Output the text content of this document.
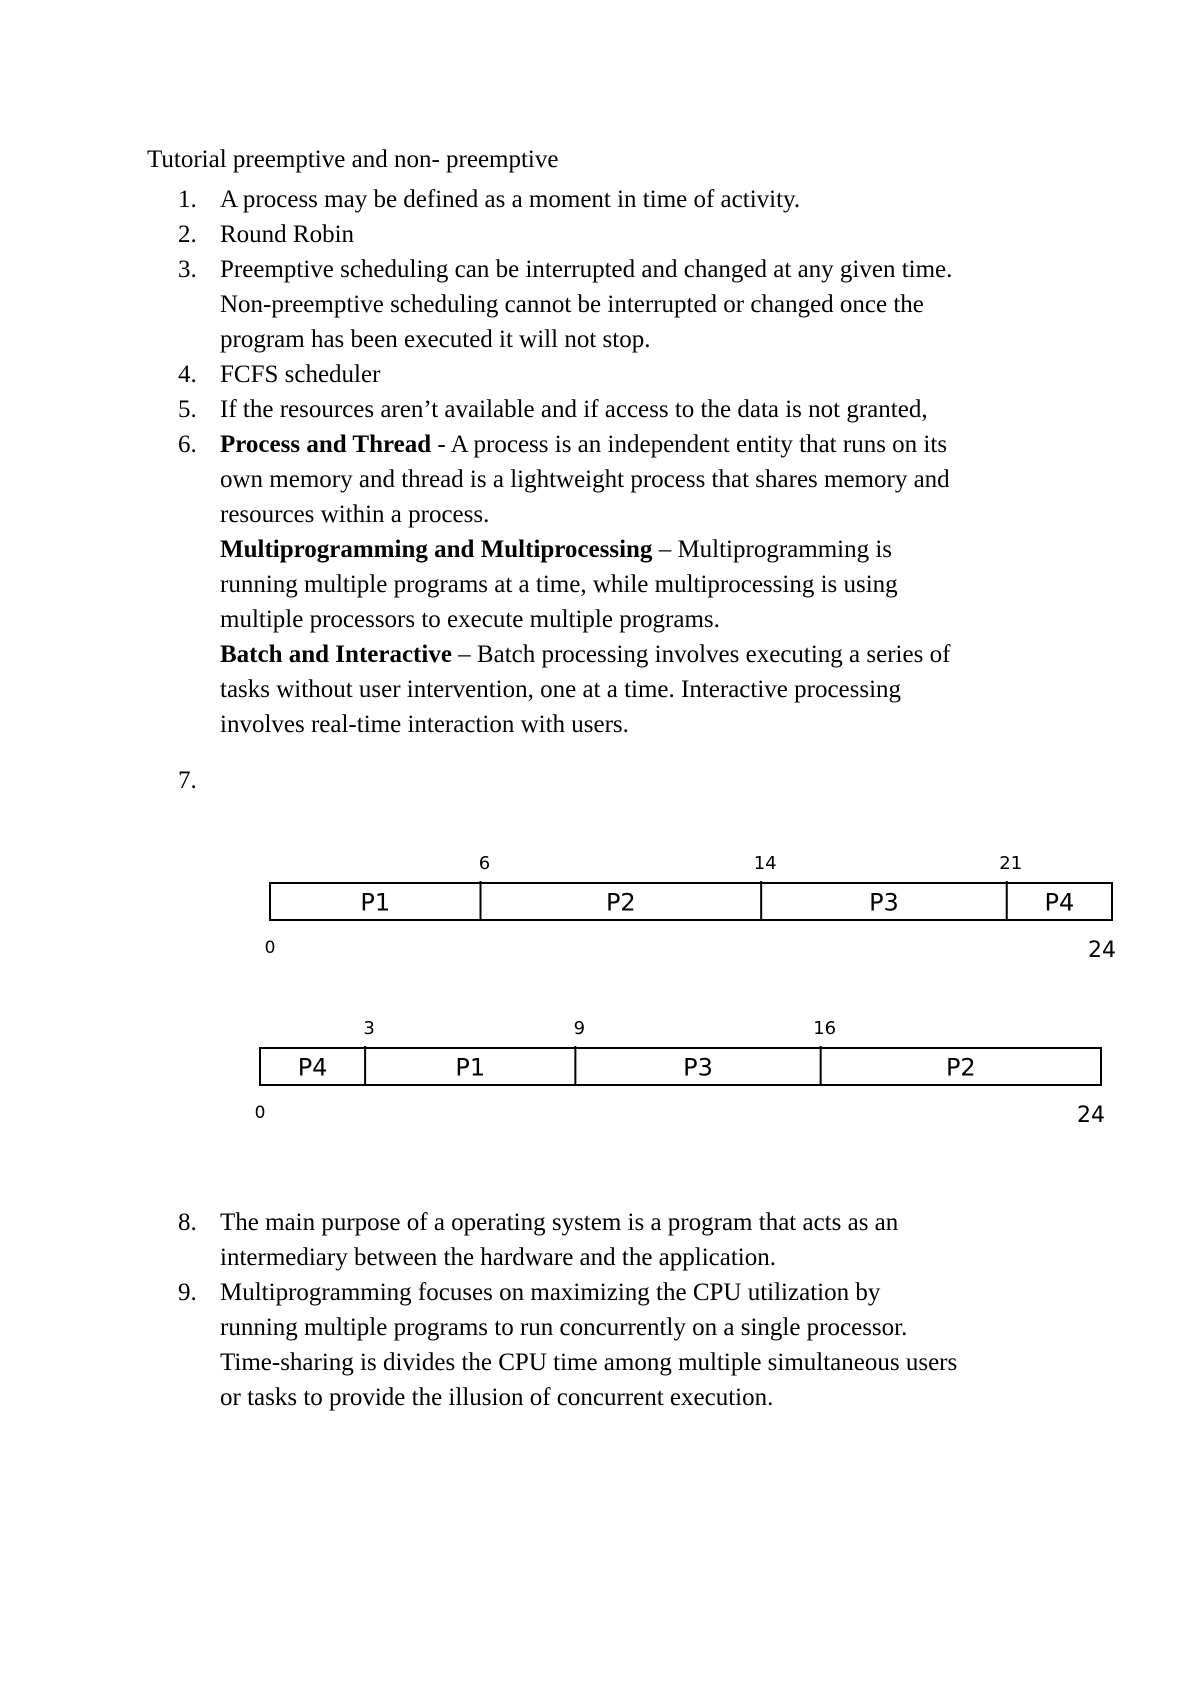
Tutorial preemptive and non- preemptive
1. A process may be defined as a moment in time of activity.
2. Round Robin
3. Preemptive scheduling can be interrupted and changed at any given time.
Non-preemptive scheduling cannot be interrupted or changed once the
program has been executed it will not stop.
4. FCFS scheduler
5. If the resources aren’t available and if access to the data is not granted,
6. Process and Thread - A process is an independent entity that runs on its
own memory and thread is a lightweight process that shares memory and
resources within a process.
Multiprogramming and Multiprocessing – Multiprogramming is
running multiple programs at a time, while multiprocessing is using
multiple processors to execute multiple programs.
Batch and Interactive – Batch processing involves executing a series of
tasks without user intervention, one at a time. Interactive processing
involves real-time interaction with users.
7.
P1	P2	P3	P4
6	14	21
0	24
P4	P1	P3	P2
3	9	16
0	24
8. The main purpose of a operating system is a program that acts as an
intermediary between the hardware and the application.
9. Multiprogramming focuses on maximizing the CPU utilization by
running multiple programs to run concurrently on a single processor.
Time-sharing is divides the CPU time among multiple simultaneous users
or tasks to provide the illusion of concurrent execution.
